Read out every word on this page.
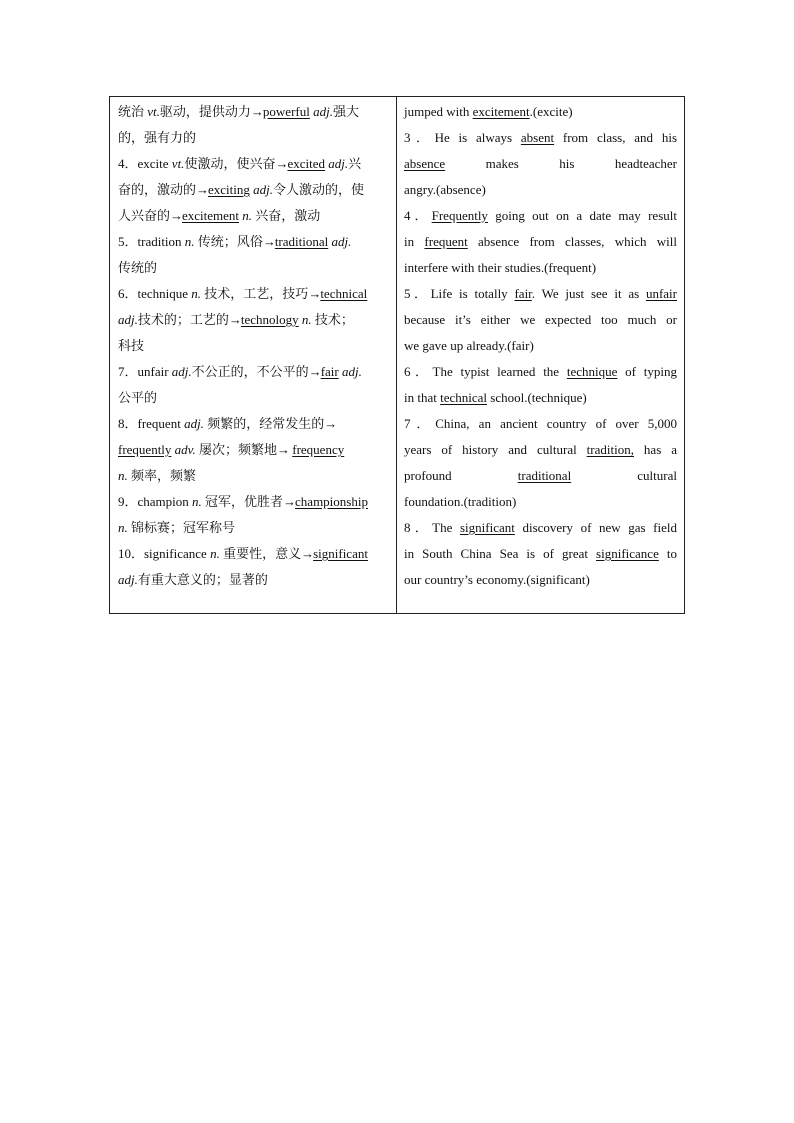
统治 vt.驱动，提供动力→powerful adj.强大
的，强有力的
4．excite vt.使激动，使兴奋→excited adj.兴
奋的，激动的→exciting adj.令人激动的，使
人兴奋的→excitement n. 兴奋，激动
5．tradition n. 传统；风俗→traditional adj.
传统的
6．technique n. 技术，工艺，技巧→technical
adj.技术的；工艺的→technology n. 技术；
科技
7．unfair adj.不公正的，不公平的→fair adj.
公平的
8．frequent adj. 频繁的，经常发生的→
frequently adv. 屡次；频繁地→ frequency
n. 频率，频繁
9．champion n. 冠军，优胜者→championship
n. 锦标赛；冠军称号
10．significance n. 重要性，意义→significant
adj.有重大意义的；显著的
jumped with excitement.(excite)
3．He is always absent from class, and his
absence makes his headteacher
angry.(absence)
4．Frequently going out on a date may result
in frequent absence from classes, which will
interfere with their studies.(frequent)
5．Life is totally fair. We just see it as unfair
because it’s either we expected too much or
we gave up already.(fair)
6．The typist learned the technique of typing
in that technical school.(technique)
7．China, an ancient country of over 5,000
years of history and cultural tradition, has a
profound traditional cultural
foundation.(tradition)
8．The significant discovery of new gas field
in South China Sea is of great significance to
our country’s economy.(significant)
